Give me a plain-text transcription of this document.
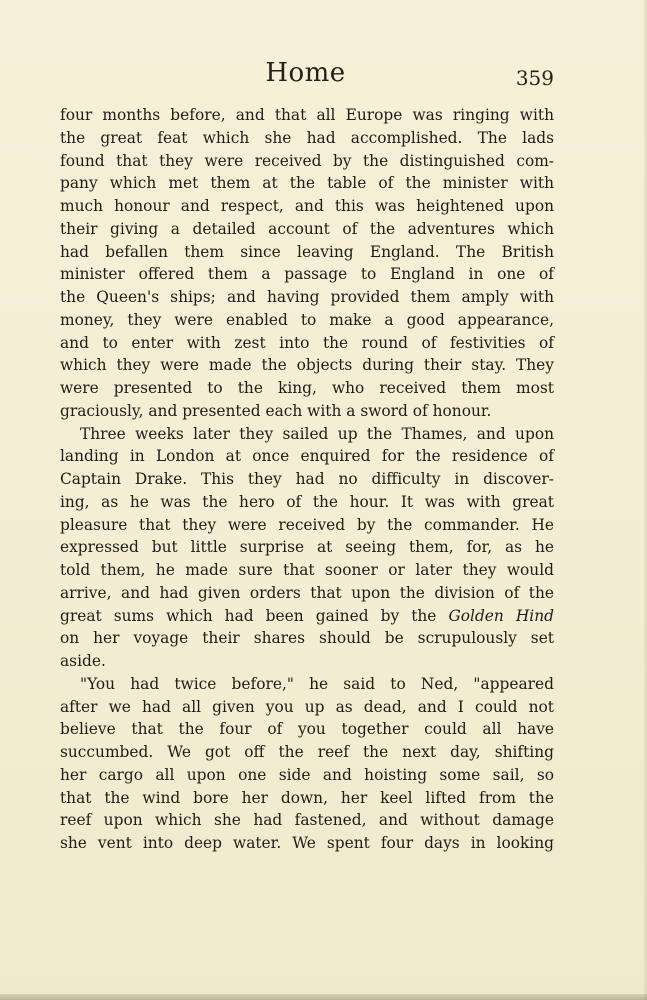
Home	359
four months before, and that all Europe was ringing with
the great feat which she had accomplished. The lads
found that they were received by the distinguished com-
pany which met them at the table of the minister with
much honour and respect, and this was heightened upon
their giving a detailed account of the adventures which
had befallen them since leaving England. The British
minister offered them a passage to England in one of
the Queen's ships; and having provided them amply with
money, they were enabled to make a good appearance,
and to enter with zest into the round of festivities of
which they were made the objects during their stay. They
were presented to the king, who received them most
graciously, and presented each with a sword of honour.
Three weeks later they sailed up the Thames, and upon
landing in London at once enquired for the residence of
Captain Drake. This they had no difficulty in discover-
ing, as he was the hero of the hour. It was with great
pleasure that they were received by the commander. He
expressed but little surprise at seeing them, for, as he
told them, he made sure that sooner or later they would
arrive, and had given orders that upon the division of the
great sums which had been gained by the Golden Hind
on her voyage their shares should be scrupulously set
aside.
"You had twice before," he said to Ned, "appeared
after we had all given you up as dead, and I could not
believe that the four of you together could all have
succumbed. We got off the reef the next day, shifting
her cargo all upon one side and hoisting some sail, so
that the wind bore her down, her keel lifted from the
reef upon which she had fastened, and without damage
she vent into deep water. We spent four days in looking
